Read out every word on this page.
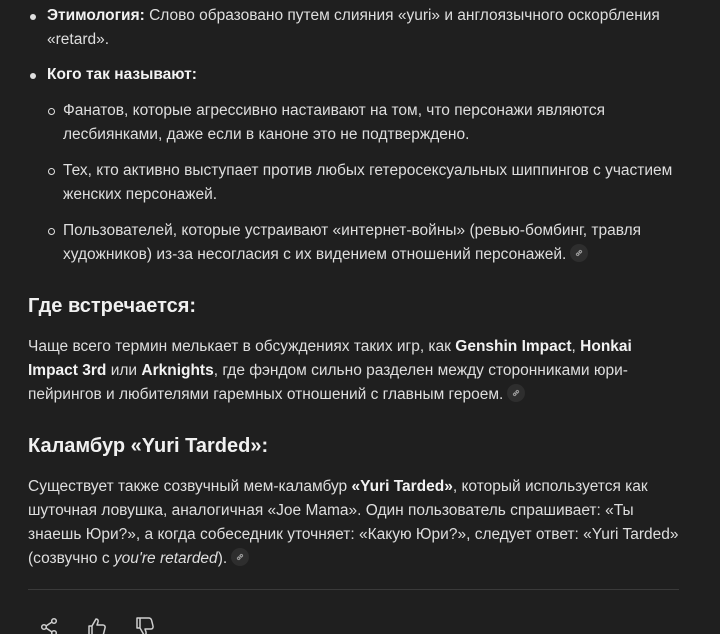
Этимология: Слово образовано путем слияния «yuri» и англоязычного оскорбления «retard».
Кого так называют:
Фанатов, которые агрессивно настаивают на том, что персонажи являются лесбиянками, даже если в каноне это не подтверждено.
Тех, кто активно выступает против любых гетеросексуальных шиппингов с участием женских персонажей.
Пользователей, которые устраивают «интернет-войны» (ревью-бомбинг, травля художников) из-за несогласия с их видением отношений персонажей.
Где встречается:

Чаще всего термин мелькает в обсуждениях таких игр, как Genshin Impact, Honkai Impact 3rd или Arknights, где фэндом сильно разделен между сторонниками юри-пейрингов и любителями гаремных отношений с главным героем.

Каламбур «Yuri Tarded»:

Существует также созвучный мем-каламбур «Yuri Tarded», который используется как шуточная ловушка, аналогичная «Joe Mama». Один пользователь спрашивает: «Ты знаешь Юри?», а когда собеседник уточняет: «Какую Юри?», следует ответ: «Yuri Tarded» (созвучно с you're retarded).
